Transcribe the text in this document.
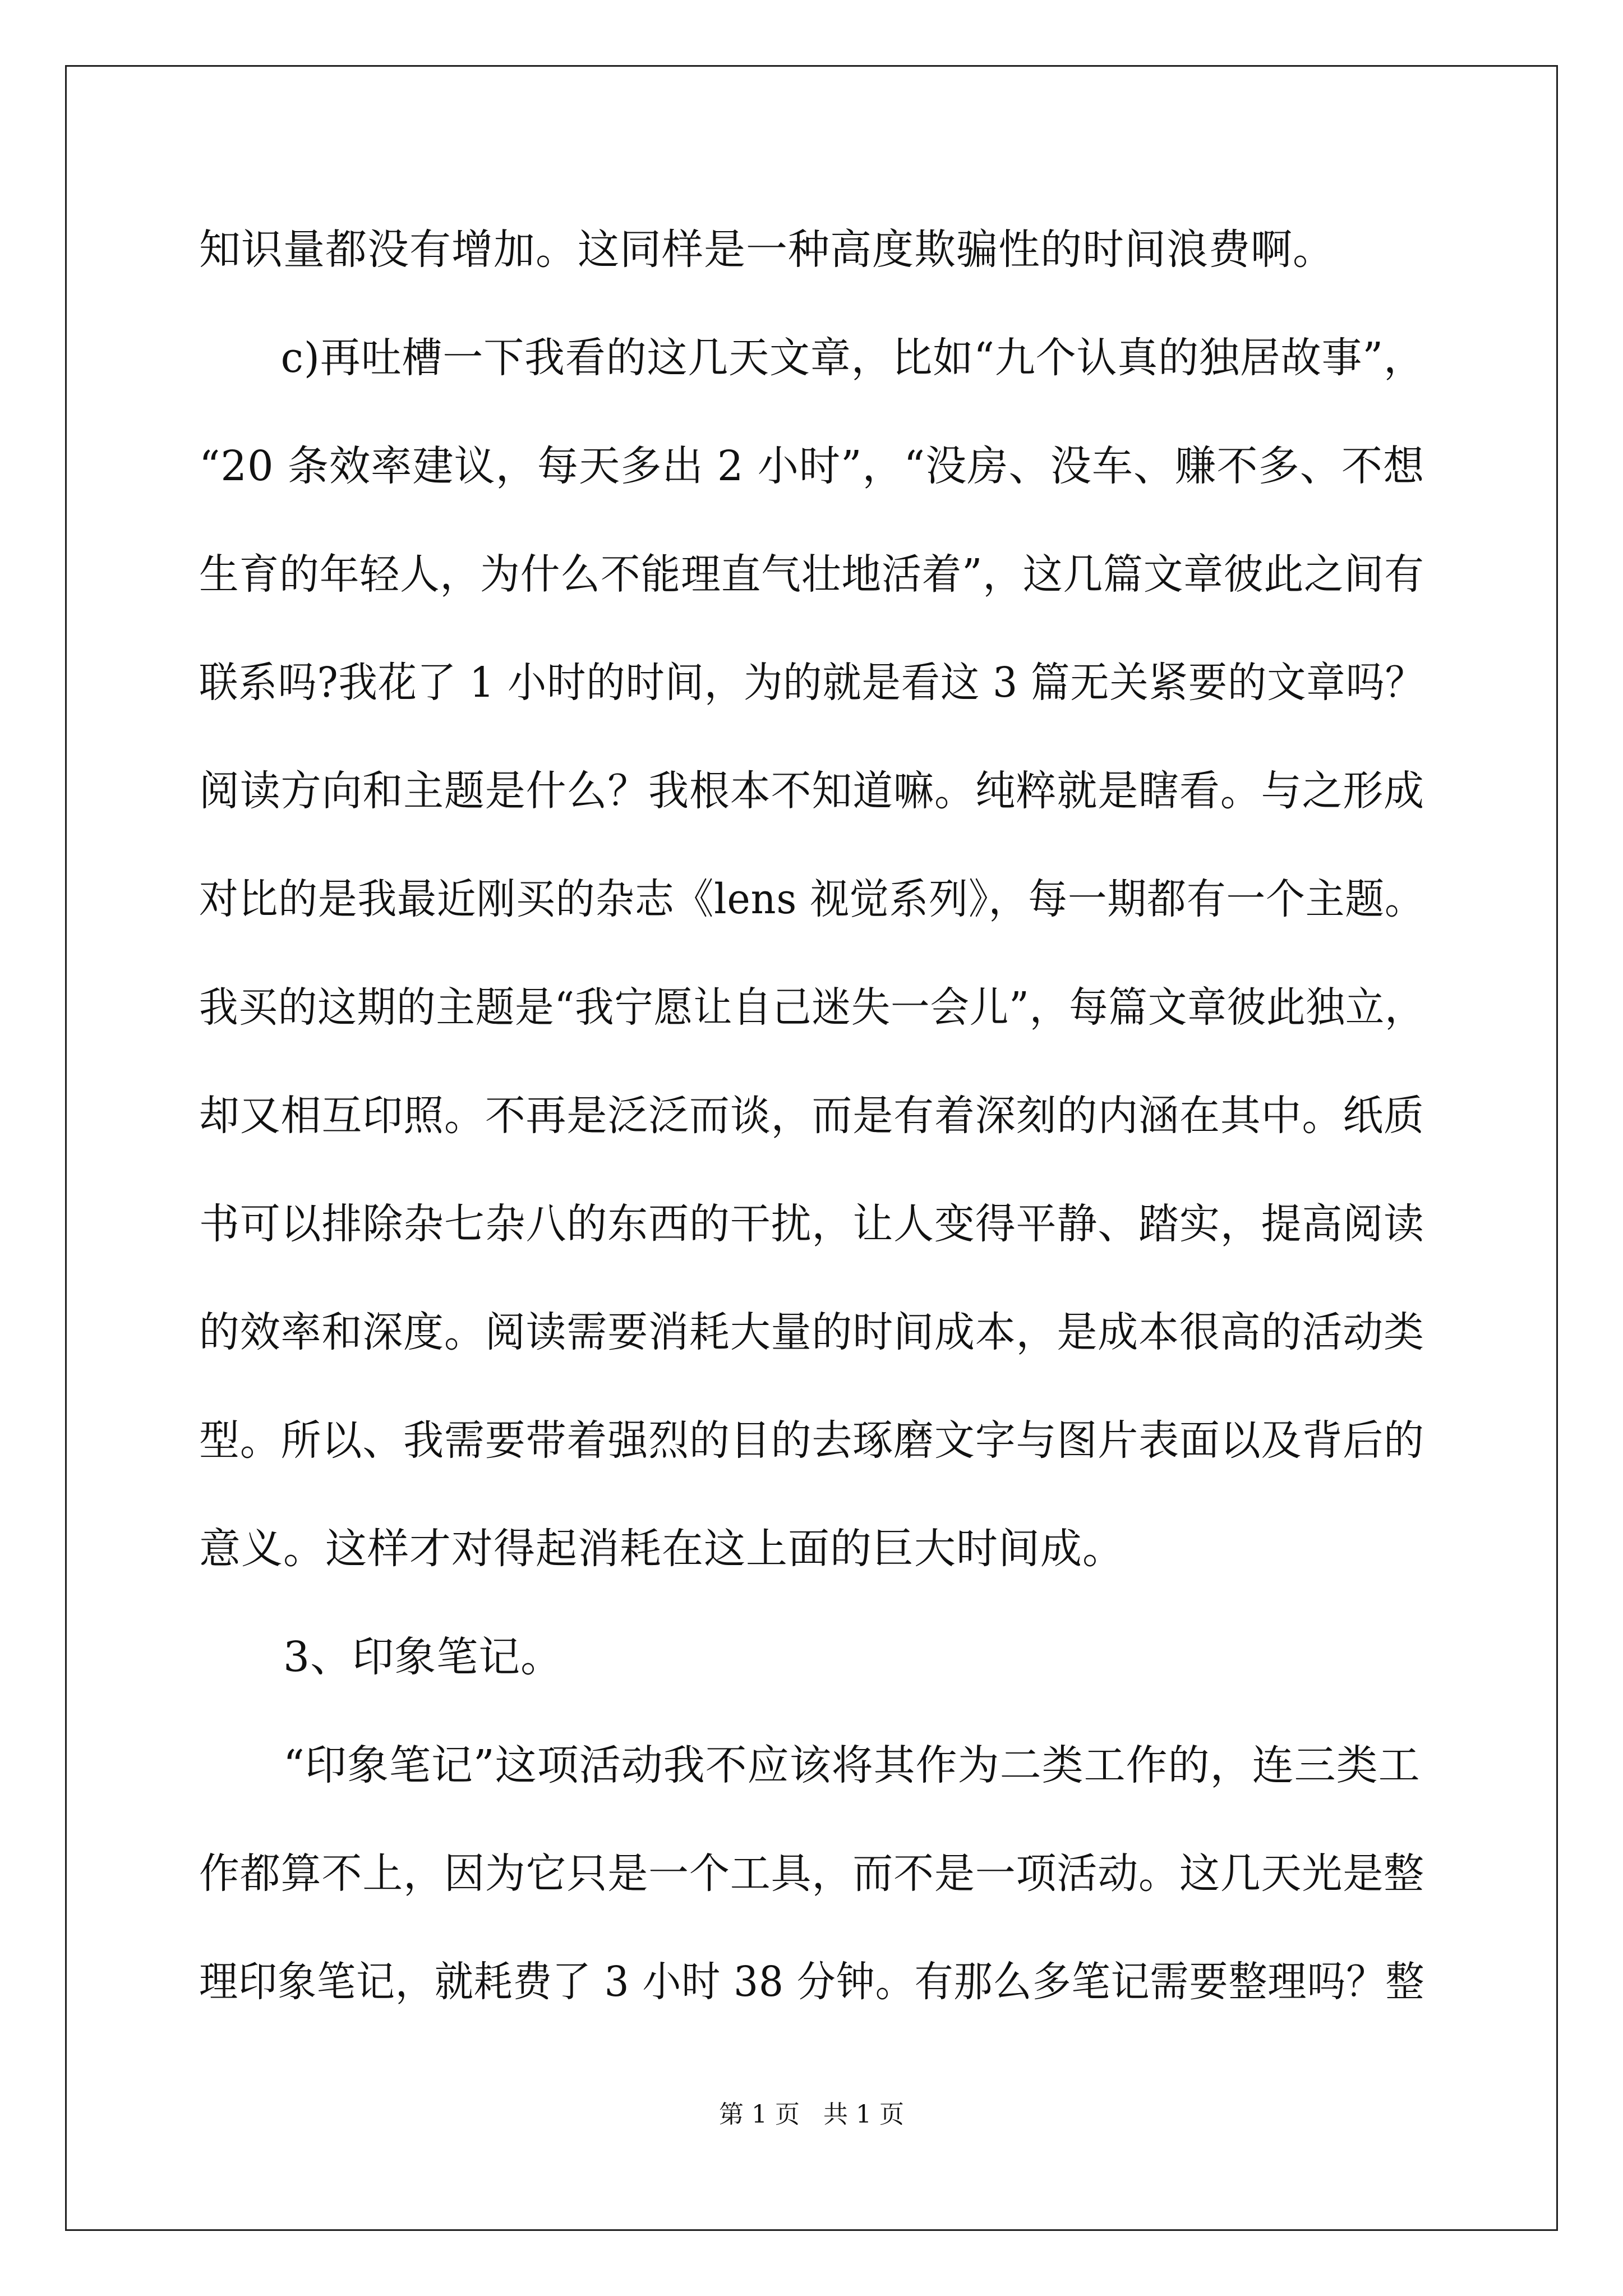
知识量都没有增加。这同样是一种高度欺骗性的时间浪费啊。

　　c)再吐槽一下我看的这几天文章，比如“九个认真的独居故事”，

“20 条效率建议，每天多出 2 小时”，“没房、没车、赚不多、不想

生育的年轻人，为什么不能理直气壮地活着”，这几篇文章彼此之间有

联系吗?我花了 1 小时的时间，为的就是看这 3 篇无关紧要的文章吗？

阅读方向和主题是什么？我根本不知道嘛。纯粹就是瞎看。与之形成

对比的是我最近刚买的杂志《lens 视觉系列》，每一期都有一个主题。

我买的这期的主题是“我宁愿让自己迷失一会儿”，每篇文章彼此独立，

却又相互印照。不再是泛泛而谈，而是有着深刻的内涵在其中。纸质

书可以排除杂七杂八的东西的干扰，让人变得平静、踏实，提高阅读

的效率和深度。阅读需要消耗大量的时间成本，是成本很高的活动类

型。所以、我需要带着强烈的目的去琢磨文字与图片表面以及背后的

意义。这样才对得起消耗在这上面的巨大时间成。

　　3、印象笔记。

　　“印象笔记”这项活动我不应该将其作为二类工作的，连三类工

作都算不上，因为它只是一个工具，而不是一项活动。这几天光是整

理印象笔记，就耗费了 3 小时 38 分钟。有那么多笔记需要整理吗？整

第 1 页   共 1 页
